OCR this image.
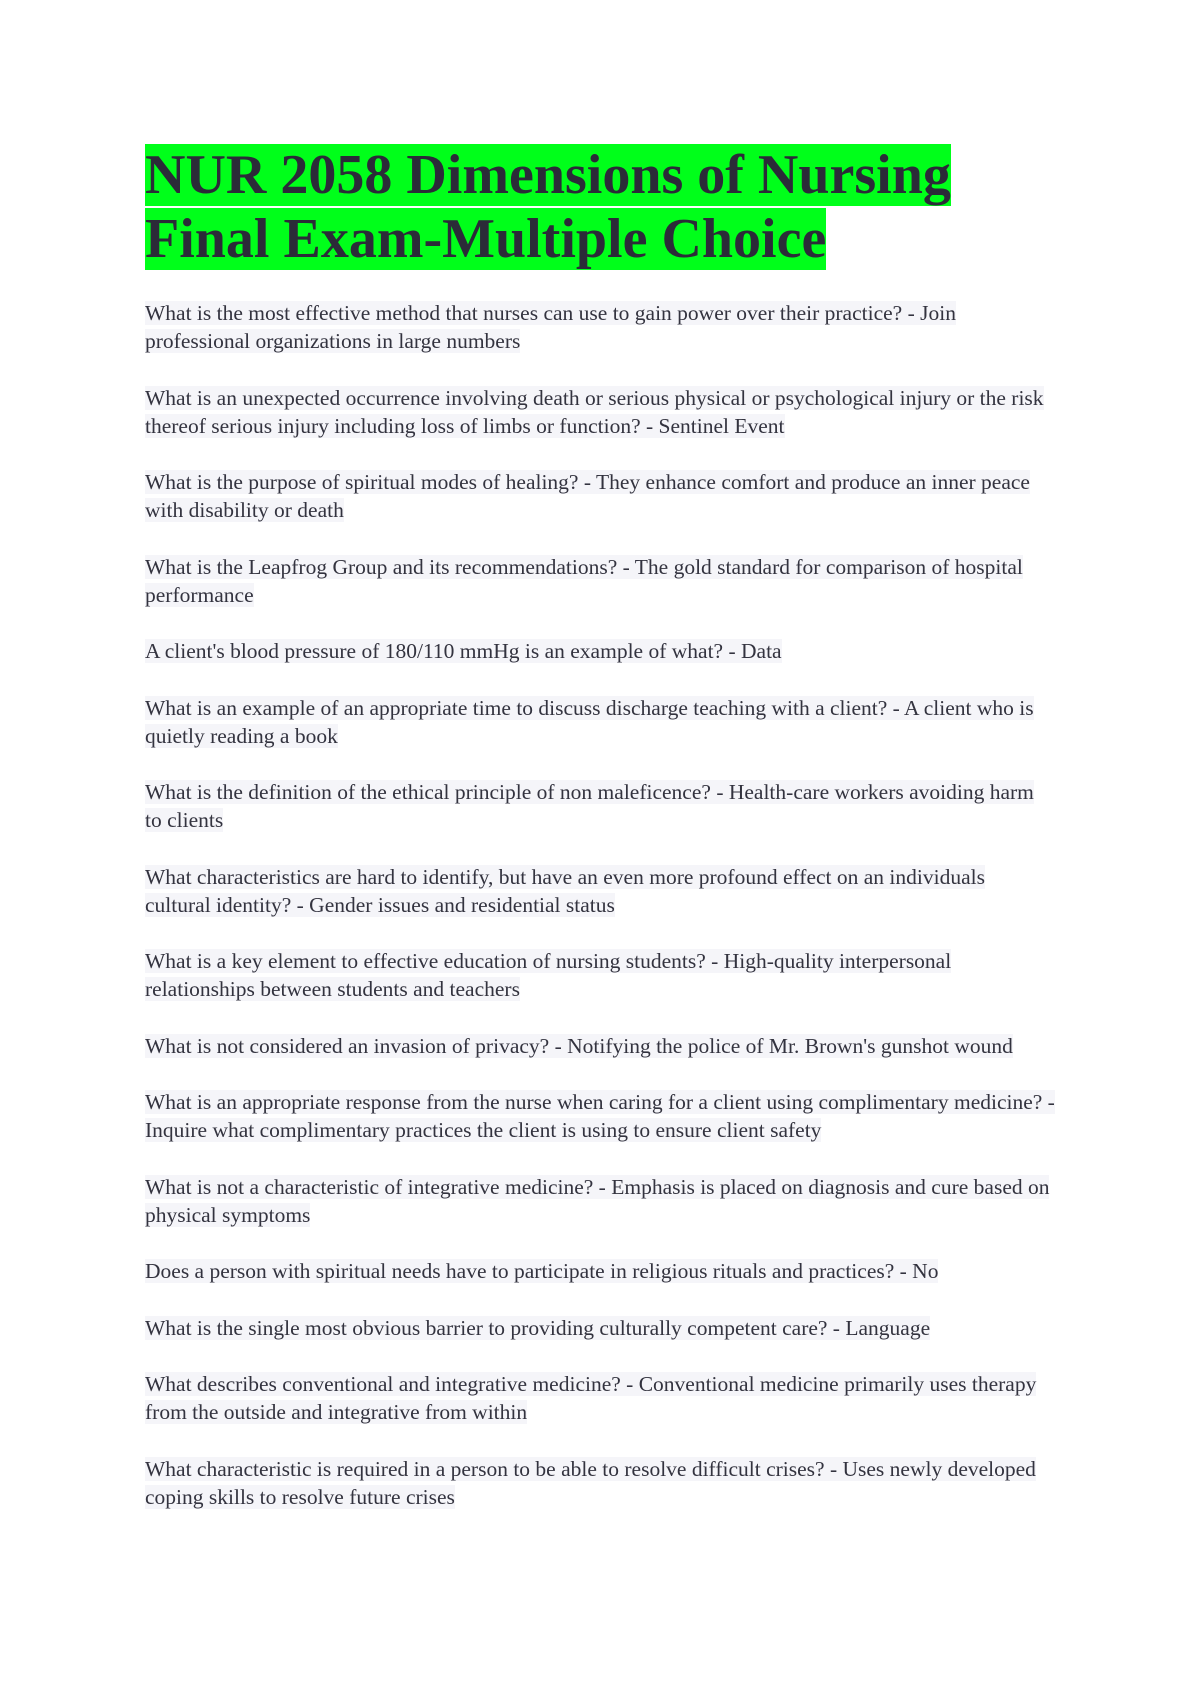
NUR 2058 Dimensions of Nursing Final Exam-Multiple Choice
What is the most effective method that nurses can use to gain power over their practice? - Join professional organizations in large numbers
What is an unexpected occurrence involving death or serious physical or psychological injury or the risk thereof serious injury including loss of limbs or function? - Sentinel Event
What is the purpose of spiritual modes of healing? - They enhance comfort and produce an inner peace with disability or death
What is the Leapfrog Group and its recommendations? - The gold standard for comparison of hospital performance
A client's blood pressure of 180/110 mmHg is an example of what? - Data
What is an example of an appropriate time to discuss discharge teaching with a client? - A client who is quietly reading a book
What is the definition of the ethical principle of non maleficence? - Health-care workers avoiding harm to clients
What characteristics are hard to identify, but have an even more profound effect on an individuals cultural identity? - Gender issues and residential status
What is a key element to effective education of nursing students? - High-quality interpersonal relationships between students and teachers
What is not considered an invasion of privacy? - Notifying the police of Mr. Brown's gunshot wound
What is an appropriate response from the nurse when caring for a client using complimentary medicine? - Inquire what complimentary practices the client is using to ensure client safety
What is not a characteristic of integrative medicine? - Emphasis is placed on diagnosis and cure based on physical symptoms
Does a person with spiritual needs have to participate in religious rituals and practices? - No
What is the single most obvious barrier to providing culturally competent care? - Language
What describes conventional and integrative medicine? - Conventional medicine primarily uses therapy from the outside and integrative from within
What characteristic is required in a person to be able to resolve difficult crises? - Uses newly developed coping skills to resolve future crises
